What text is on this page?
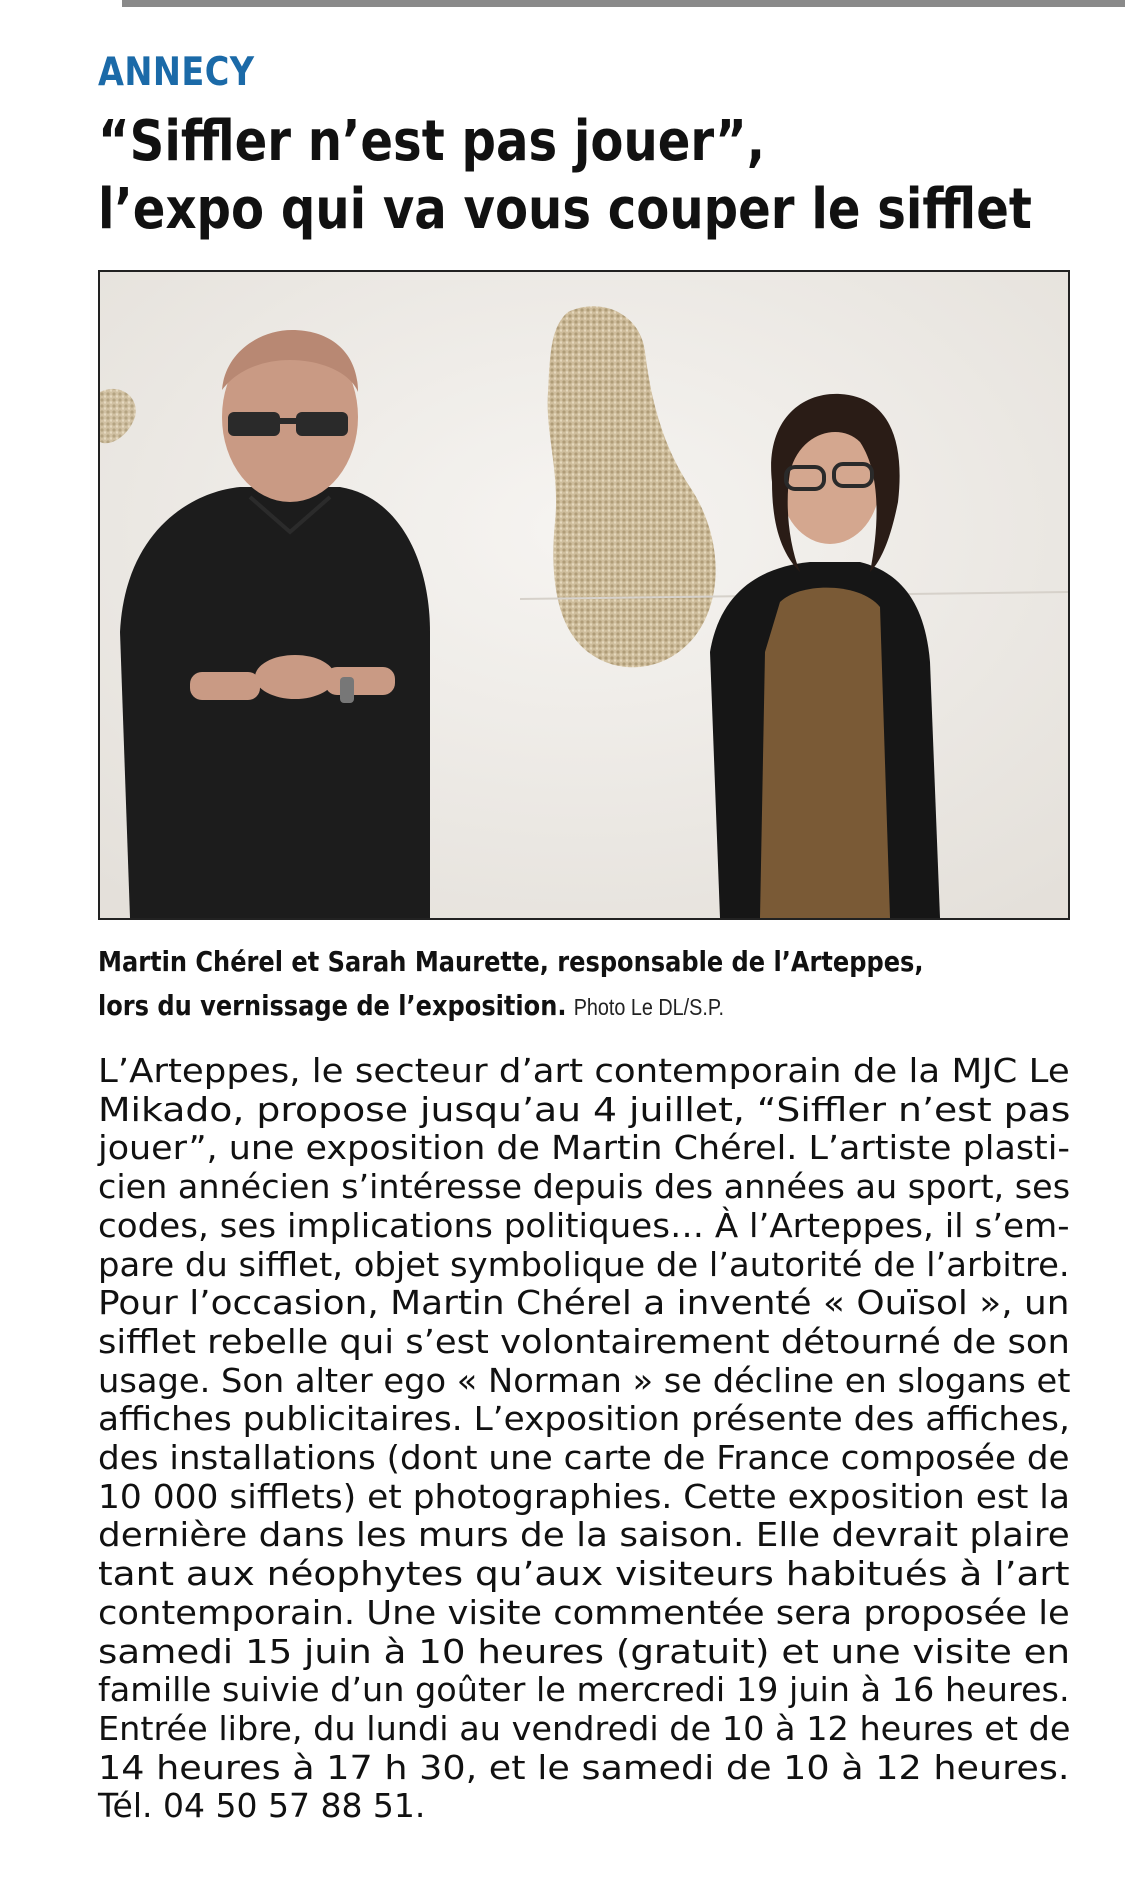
ANNECY
“Siffler n’est pas jouer”,
l’expo qui va vous couper le sifflet
Martin Chérel et Sarah Maurette, responsable de l’Arteppes,
lors du vernissage de l’exposition. Photo Le DL/S.P.
L’Arteppes, le secteur d’art contemporain de la MJC Le
Mikado, propose jusqu’au 4 juillet, “Siffler n’est pas
jouer”, une exposition de Martin Chérel. L’artiste plasti-
cien annécien s’intéresse depuis des années au sport, ses
codes, ses implications politiques… À l’Arteppes, il s’em-
pare du sifflet, objet symbolique de l’autorité de l’arbitre.
Pour l’occasion, Martin Chérel a inventé « Ouïsol », un
sifflet rebelle qui s’est volontairement détourné de son
usage. Son alter ego « Norman » se décline en slogans et
affiches publicitaires. L’exposition présente des affiches,
des installations (dont une carte de France composée de
10 000 sifflets) et photographies. Cette exposition est la
dernière dans les murs de la saison. Elle devrait plaire
tant aux néophytes qu’aux visiteurs habitués à l’art
contemporain. Une visite commentée sera proposée le
samedi 15 juin à 10 heures (gratuit) et une visite en
famille suivie d’un goûter le mercredi 19 juin à 16 heures.
Entrée libre, du lundi au vendredi de 10 à 12 heures et de
14 heures à 17 h 30, et le samedi de 10 à 12 heures.
Tél. 04 50 57 88 51.
